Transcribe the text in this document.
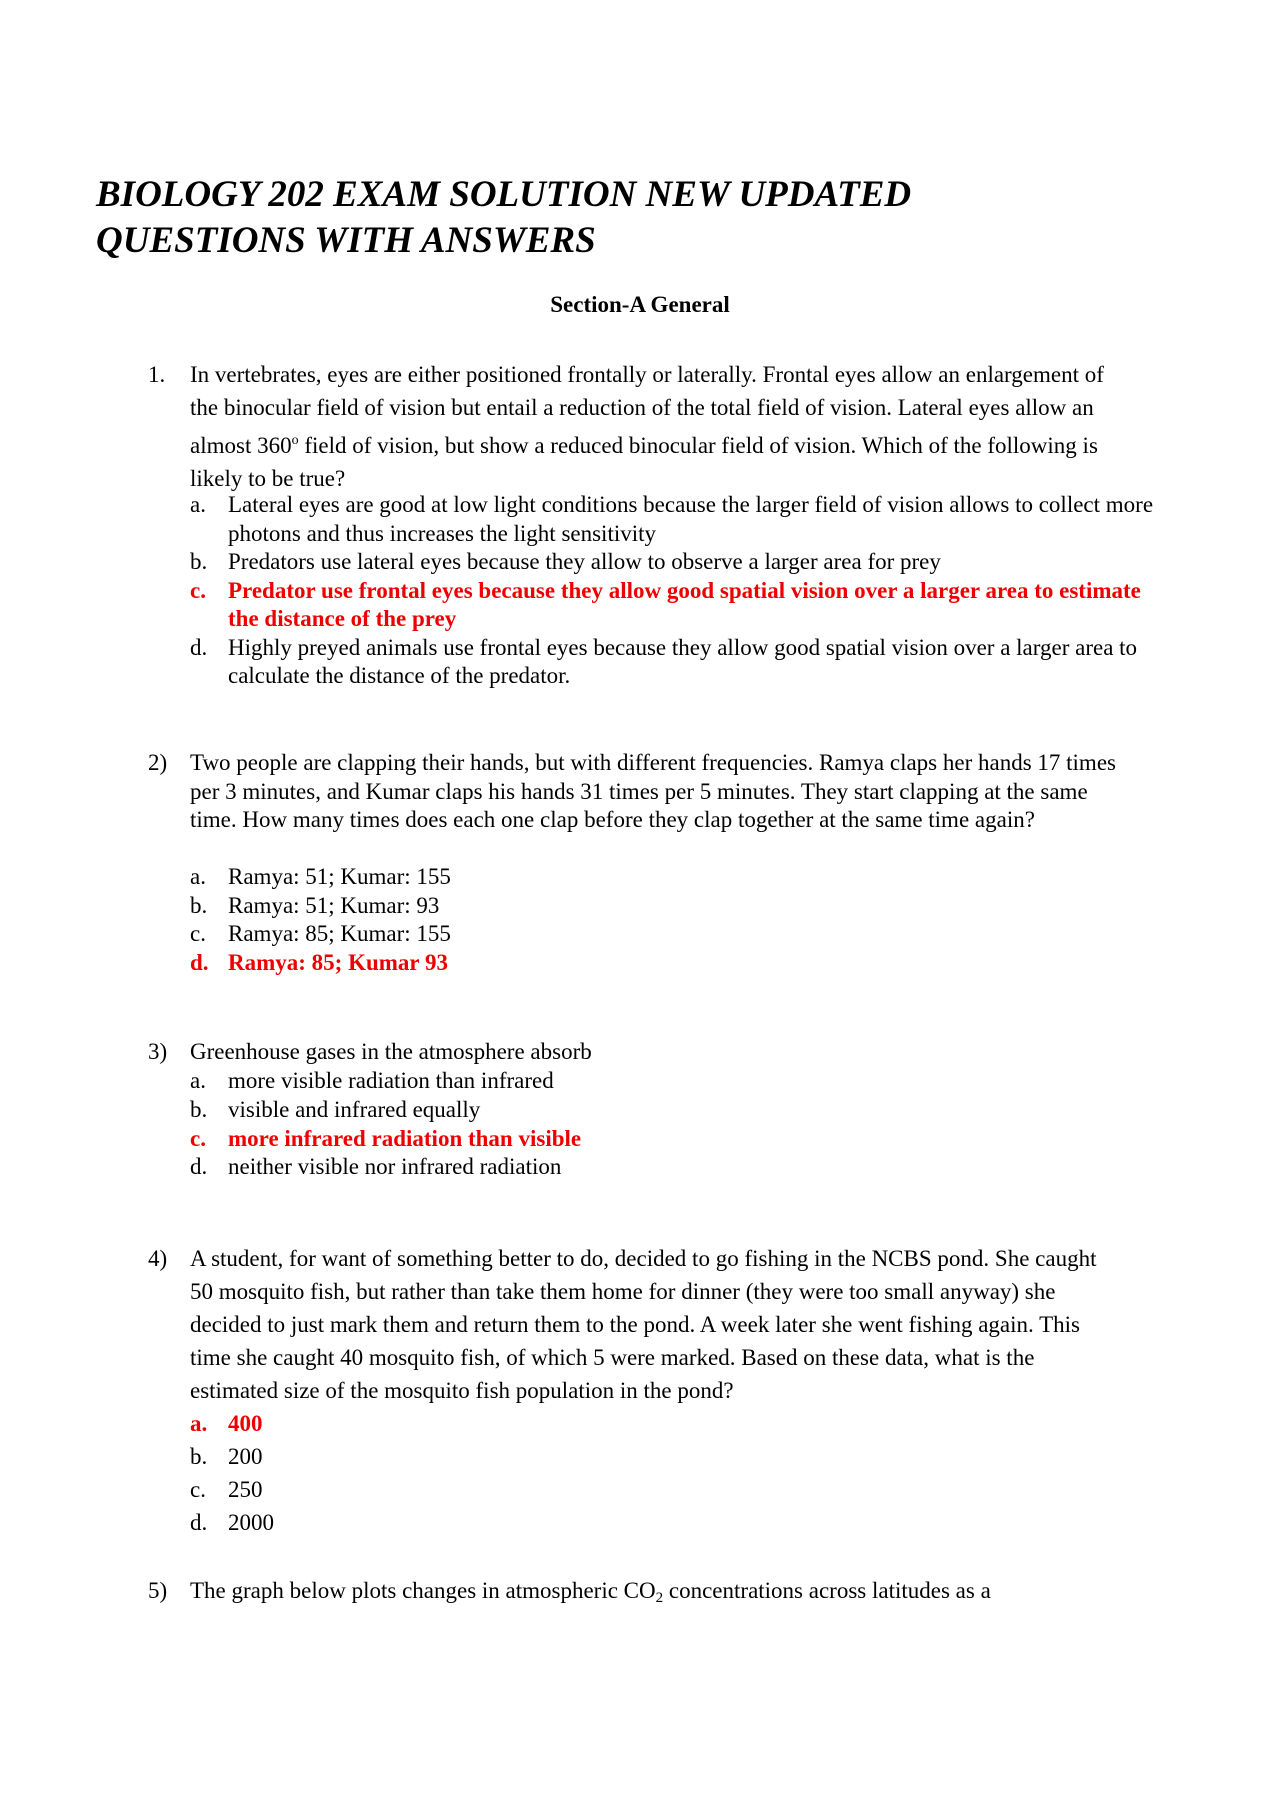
BIOLOGY 202 EXAM SOLUTION NEW UPDATED
QUESTIONS WITH ANSWERS
Section-A General
1. In vertebrates, eyes are either positioned frontally or laterally. Frontal eyes allow an enlargement of the binocular field of vision but entail a reduction of the total field of vision. Lateral eyes allow an almost 360$^o$ field of vision, but show a reduced binocular field of vision. Which of the following is likely to be true?

a. Lateral eyes are good at low light conditions because the larger field of vision allows to collect more photons and thus increases the light sensitivity
b. Predators use lateral eyes because they allow to observe a larger area for prey
c. Predator use frontal eyes because they allow good spatial vision over a larger area to estimate the distance of the prey
d. Highly preyed animals use frontal eyes because they allow good spatial vision over a larger area to calculate the distance of the predator.
2) Two people are clapping their hands, but with different frequencies. Ramya claps her hands 17 times per 3 minutes, and Kumar claps his hands 31 times per 5 minutes. They start clapping at the same time. How many times does each one clap before they clap together at the same time again?

a. Ramya: 51; Kumar: 155
b. Ramya: 51; Kumar: 93
c. Ramya: 85; Kumar: 155
d. Ramya: 85; Kumar 93
3) Greenhouse gases in the atmosphere absorb

a. more visible radiation than infrared
b. visible and infrared equally
c. more infrared radiation than visible
d. neither visible nor infrared radiation
4) A student, for want of something better to do, decided to go fishing in the NCBS pond. She caught 50 mosquito fish, but rather than take them home for dinner (they were too small anyway) she decided to just mark them and return them to the pond. A week later she went fishing again. This time she caught 40 mosquito fish, of which 5 were marked. Based on these data, what is the estimated size of the mosquito fish population in the pond?

a. 400
b. 200
c. 250
d. 2000
5) The graph below plots changes in atmospheric $CO_2$ concentrations across latitudes as a
